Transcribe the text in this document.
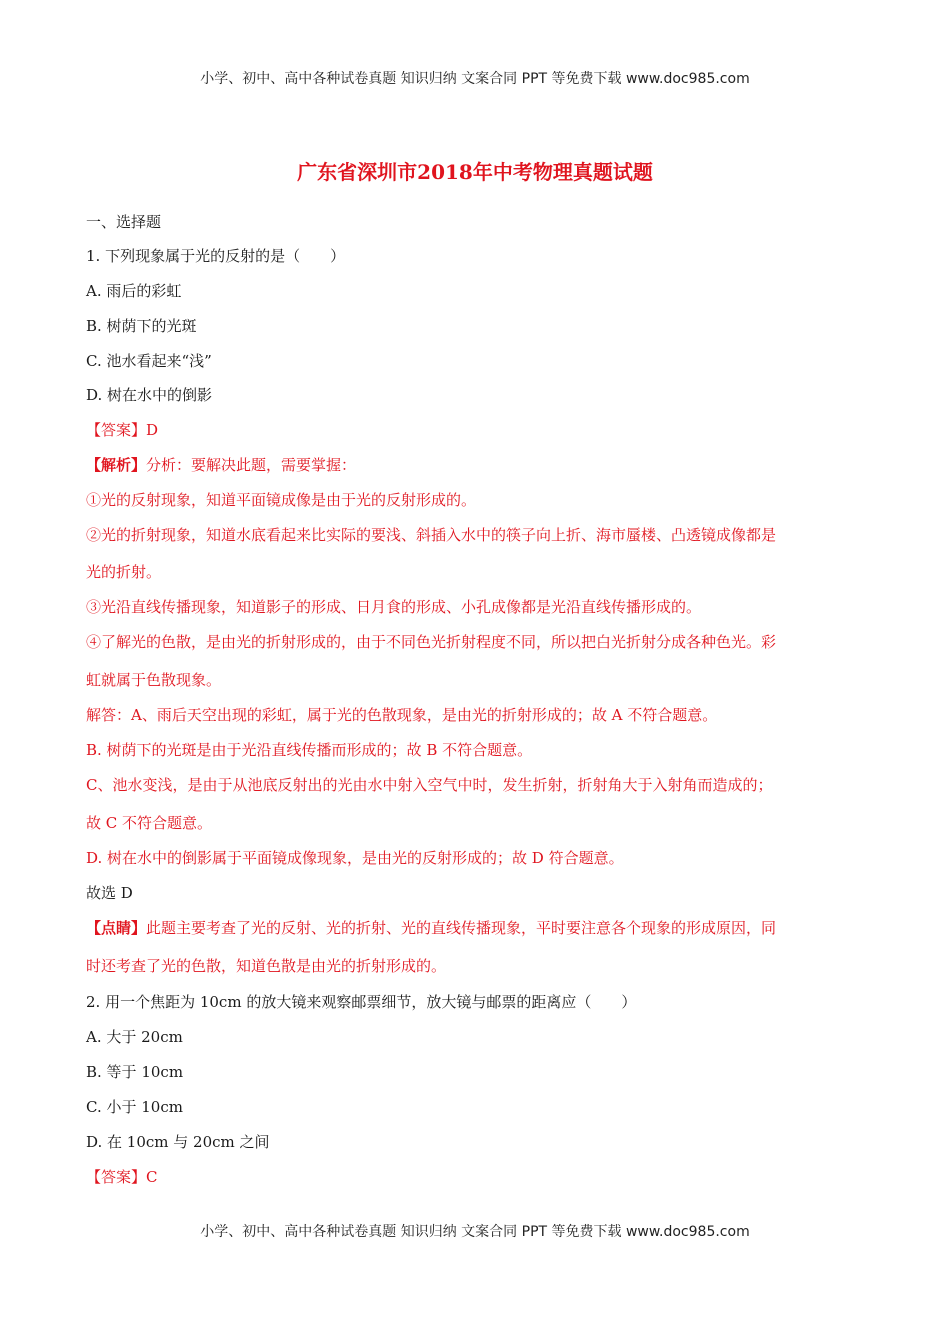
小学、初中、高中各种试卷真题 知识归纳 文案合同 PPT 等免费下载 www.doc985.com
广东省深圳市2018年中考物理真题试题
一、选择题
1. 下列现象属于光的反射的是（　　）
A. 雨后的彩虹
B. 树荫下的光斑
C. 池水看起来“浅”
D. 树在水中的倒影
【答案】D
【解析】分析：要解决此题，需要掌握：
①光的反射现象，知道平面镜成像是由于光的反射形成的。
②光的折射现象，知道水底看起来比实际的要浅、斜插入水中的筷子向上折、海市蜃楼、凸透镜成像都是
光的折射。
③光沿直线传播现象，知道影子的形成、日月食的形成、小孔成像都是光沿直线传播形成的。
④了解光的色散，是由光的折射形成的，由于不同色光折射程度不同，所以把白光折射分成各种色光。彩
虹就属于色散现象。
解答：A、雨后天空出现的彩虹，属于光的色散现象，是由光的折射形成的；故 A 不符合题意。
B. 树荫下的光斑是由于光沿直线传播而形成的；故 B 不符合题意。
C、池水变浅，是由于从池底反射出的光由水中射入空气中时，发生折射，折射角大于入射角而造成的；
故 C 不符合题意。
D. 树在水中的倒影属于平面镜成像现象，是由光的反射形成的；故 D 符合题意。
故选 D
【点睛】此题主要考查了光的反射、光的折射、光的直线传播现象，平时要注意各个现象的形成原因，同
时还考查了光的色散，知道色散是由光的折射形成的。
2. 用一个焦距为 10cm 的放大镜来观察邮票细节，放大镜与邮票的距离应（　　）
A. 大于 20cm
B. 等于 10cm
C. 小于 10cm
D. 在 10cm 与 20cm 之间
【答案】C
小学、初中、高中各种试卷真题 知识归纳 文案合同 PPT 等免费下载 www.doc985.com
